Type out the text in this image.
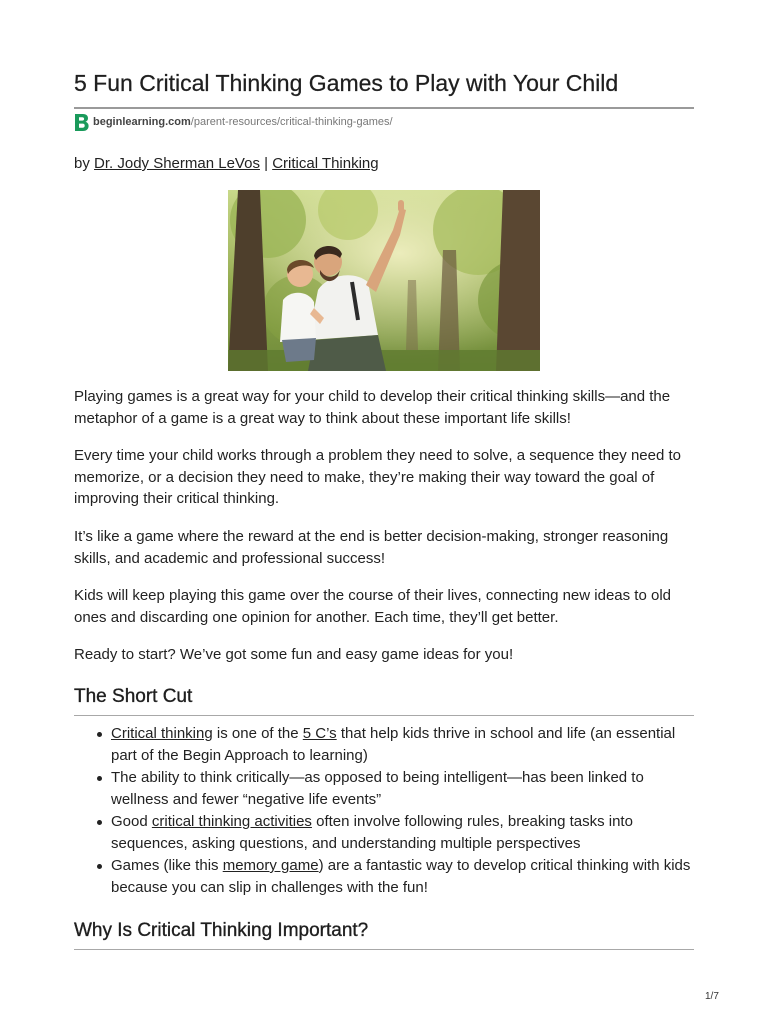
5 Fun Critical Thinking Games to Play with Your Child
beginlearning.com /parent-resources/critical-thinking-games/
by Dr. Jody Sherman LeVos | Critical Thinking

Playing games is a great way for your child to develop their critical thinking skills—and the metaphor of a game is a great way to think about these important life skills!

Every time your child works through a problem they need to solve, a sequence they need to memorize, or a decision they need to make, they’re making their way toward the goal of improving their critical thinking.

It’s like a game where the reward at the end is better decision-making, stronger reasoning skills, and academic and professional success!

Kids will keep playing this game over the course of their lives, connecting new ideas to old ones and discarding one opinion for another. Each time, they’ll get better.

Ready to start? We’ve got some fun and easy game ideas for you!

The Short Cut
Critical thinking is one of the 5 C’s that help kids thrive in school and life (an essential part of the Begin Approach to learning)
The ability to think critically—as opposed to being intelligent—has been linked to wellness and fewer “negative life events”
Good critical thinking activities often involve following rules, breaking tasks into sequences, asking questions, and understanding multiple perspectives
Games (like this memory game) are a fantastic way to develop critical thinking with kids because you can slip in challenges with the fun!
Why Is Critical Thinking Important?
1/7
